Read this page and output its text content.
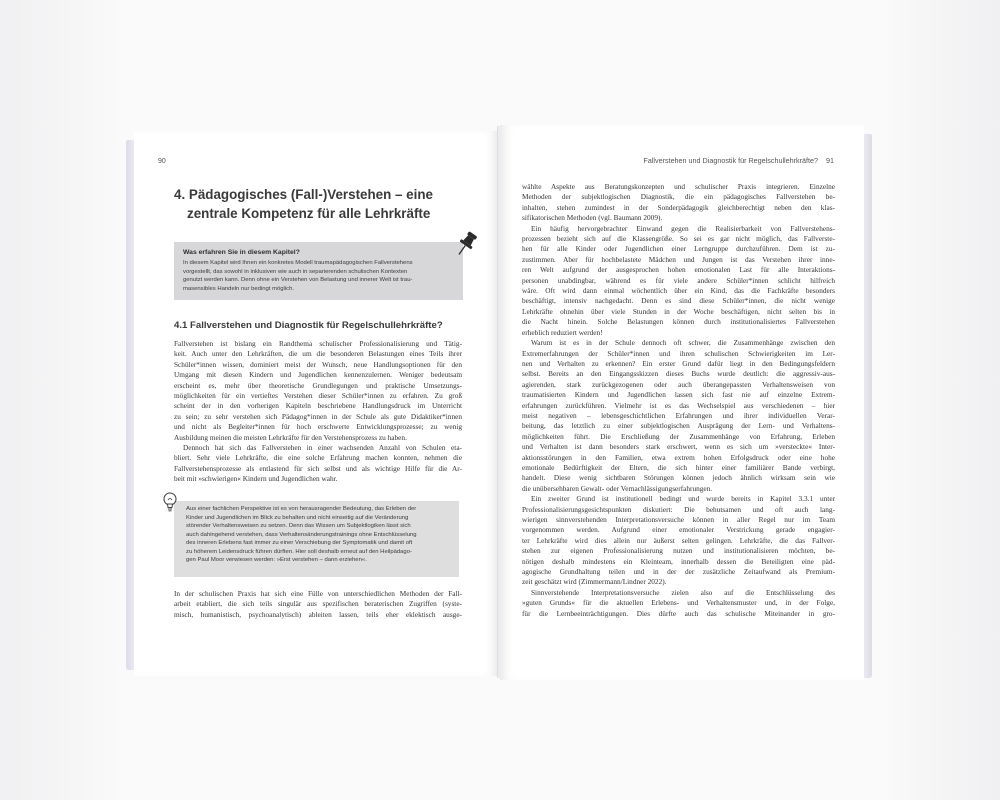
90
4. Pädagogisches (Fall-)Verstehen – eine
zentrale Kompetenz für alle Lehrkräfte
Was erfahren Sie in diesem Kapitel?
In diesem Kapitel wird Ihnen ein konkretes Modell traumapädagogischen Fallverstehens
vorgestellt, das sowohl in inklusiven wie auch in separierenden schulischen Kontexten
genutzt werden kann. Denn ohne ein Verstehen von Belastung und innerer Welt ist trau-
masensibles Handeln nur bedingt möglich.
4.1 Fallverstehen und Diagnostik für Regelschullehrkräfte?
Fallverstehen ist bislang ein Randthema schulischer Professionalisierung und Tätig-
keit. Auch unter den Lehrkräften, die um die besonderen Belastungen eines Teils ihrer
Schüler*innen wissen, dominiert meist der Wunsch, neue Handlungsoptionen für den
Umgang mit diesen Kindern und Jugendlichen kennenzulernen. Weniger bedeutsam
erscheint es, mehr über theoretische Grundlegungen und praktische Umsetzungs-
möglichkeiten für ein vertieftes Verstehen dieser Schüler*innen zu erfahren. Zu groß
scheint der in den vorherigen Kapiteln beschriebene Handlungsdruck im Unterricht
zu sein; zu sehr verstehen sich Pädagog*innen in der Schule als gute Didaktiker*innen
und nicht als Begleiter*innen für hoch erschwerte Entwicklungsprozesse; zu wenig
Ausbildung meinen die meisten Lehrkräfte für den Verstehensprozess zu haben.
Dennoch hat sich das Fallverstehen in einer wachsenden Anzahl von Schulen eta-
bliert. Sehr viele Lehrkräfte, die eine solche Erfahrung machen konnten, nehmen die
Fallverstehensprozesse als entlastend für sich selbst und als wichtige Hilfe für die Ar-
beit mit »schwierigen« Kindern und Jugendlichen wahr.
Aus einer fachlichen Perspektive ist es von herausragender Bedeutung, das Erleben der
Kinder und Jugendlichen im Blick zu behalten und nicht einseitig auf die Veränderung
störender Verhaltensweisen zu setzen. Denn das Wissen um Subjektlogiken lässt sich
auch dahingehend verstehen, dass Verhaltensänderungstrainings ohne Entschlüsselung
des inneren Erlebens fast immer zu einer Verschiebung der Symptomatik und damit oft
zu höherem Leidensdruck führen dürften. Hier soll deshalb erneut auf den Heilpädago-
gen Paul Moor verwiesen werden: »Erst verstehen – dann erziehen«.
In der schulischen Praxis hat sich eine Fülle von unterschiedlichen Methoden der Fall-
arbeit etabliert, die sich teils singulär aus spezifischen beraterischen Zugriffen (syste-
misch, humanistisch, psychoanalytisch) ableiten lassen, teils eher eklektisch ausge-
Fallverstehen und Diagnostik für Regelschullehrkräfte? 91
wählte Aspekte aus Beratungskonzepten und schulischer Praxis integrieren. Einzelne
Methoden der subjektlogischen Diagnostik, die ein pädagogisches Fallverstehen be-
inhalten, stehen zumindest in der Sonderpädagogik gleichberechtigt neben den klas-
sifikatorischen Methoden (vgl. Baumann 2009).
Ein häufig hervorgebrachter Einwand gegen die Realisierbarkeit von Fallverstehens-
prozessen bezieht sich auf die Klassengröße. So sei es gar nicht möglich, das Fallverste-
hen für alle Kinder oder Jugendlichen einer Lerngruppe durchzuführen. Dem ist zu-
zustimmen. Aber für hochbelastete Mädchen und Jungen ist das Verstehen ihrer inne-
ren Welt aufgrund der ausgesprochen hohen emotionalen Last für alle Interaktions-
personen unabdingbar, während es für viele andere Schüler*innen schlicht hilfreich
wäre. Oft wird dann einmal wöchentlich über ein Kind, das die Fachkräfte besonders
beschäftigt, intensiv nachgedacht. Denn es sind diese Schüler*innen, die nicht wenige
Lehrkräfte ohnehin über viele Stunden in der Woche beschäftigen, nicht selten bis in
die Nacht hinein. Solche Belastungen können durch institutionalisiertes Fallverstehen
erheblich reduziert werden!
Warum ist es in der Schule dennoch oft schwer, die Zusammenhänge zwischen den
Extremerfahrungen der Schüler*innen und ihren schulischen Schwierigkeiten im Ler-
nen und Verhalten zu erkennen? Ein erster Grund dafür liegt in den Bedingungsfeldern
selbst. Bereits an den Eingangsskizzen dieses Buchs wurde deutlich: die aggressiv-aus-
agierenden, stark zurückgezogenen oder auch überangepassten Verhaltensweisen von
traumatisierten Kindern und Jugendlichen lassen sich fast nie auf einzelne Extrem-
erfahrungen zurückführen. Vielmehr ist es das Wechselspiel aus verschiedenen – hier
meist negativen – lebensgeschichtlichen Erfahrungen und ihrer individuellen Verar-
beitung, das letztlich zu einer subjektlogischen Ausprägung der Lern- und Verhaltens-
möglichkeiten führt. Die Erschließung der Zusammenhänge von Erfahrung, Erleben
und Verhalten ist dann besonders stark erschwert, wenn es sich um »versteckte« Inter-
aktionsstörungen in den Familien, etwa extrem hohen Erfolgsdruck oder eine hohe
emotionale Bedürftigkeit der Eltern, die sich hinter einer familiärer Bande verbirgt,
handelt. Diese wenig sichtbaren Störungen können jedoch ähnlich wirksam sein wie
die unübersehbaren Gewalt- oder Vernachlässigungserfahrungen.
Ein zweiter Grund ist institutionell bedingt und wurde bereits in Kapitel 3.3.1 unter
Professionalisierungsgesichtspunkten diskutiert: Die behutsamen und oft auch lang-
wierigen sinnverstehenden Interpretationsversuche können in aller Regel nur im Team
vorgenommen werden. Aufgrund einer emotionaler Verstrickung gerade engagier-
ter Lehrkräfte wird dies allein nur äußerst selten gelingen. Lehrkräfte, die das Fallver-
stehen zur eigenen Professionalisierung nutzen und institutionalisieren möchten, be-
nötigen deshalb mindestens ein Kleinteam, innerhalb dessen die Beteiligten eine päd-
agogische Grundhaltung teilen und in der der zusätzliche Zeitaufwand als Premium-
zeit geschätzt wird (Zimmermann/Lindner 2022).
Sinnverstehende Interpretationsversuche zielen also auf die Entschlüsselung des
»guten Grunds« für die aktuellen Erlebens- und Verhaltensmuster und, in der Folge,
für die Lernbeeinträchtigungen. Dies dürfte auch das schulische Miteinander in gro-
